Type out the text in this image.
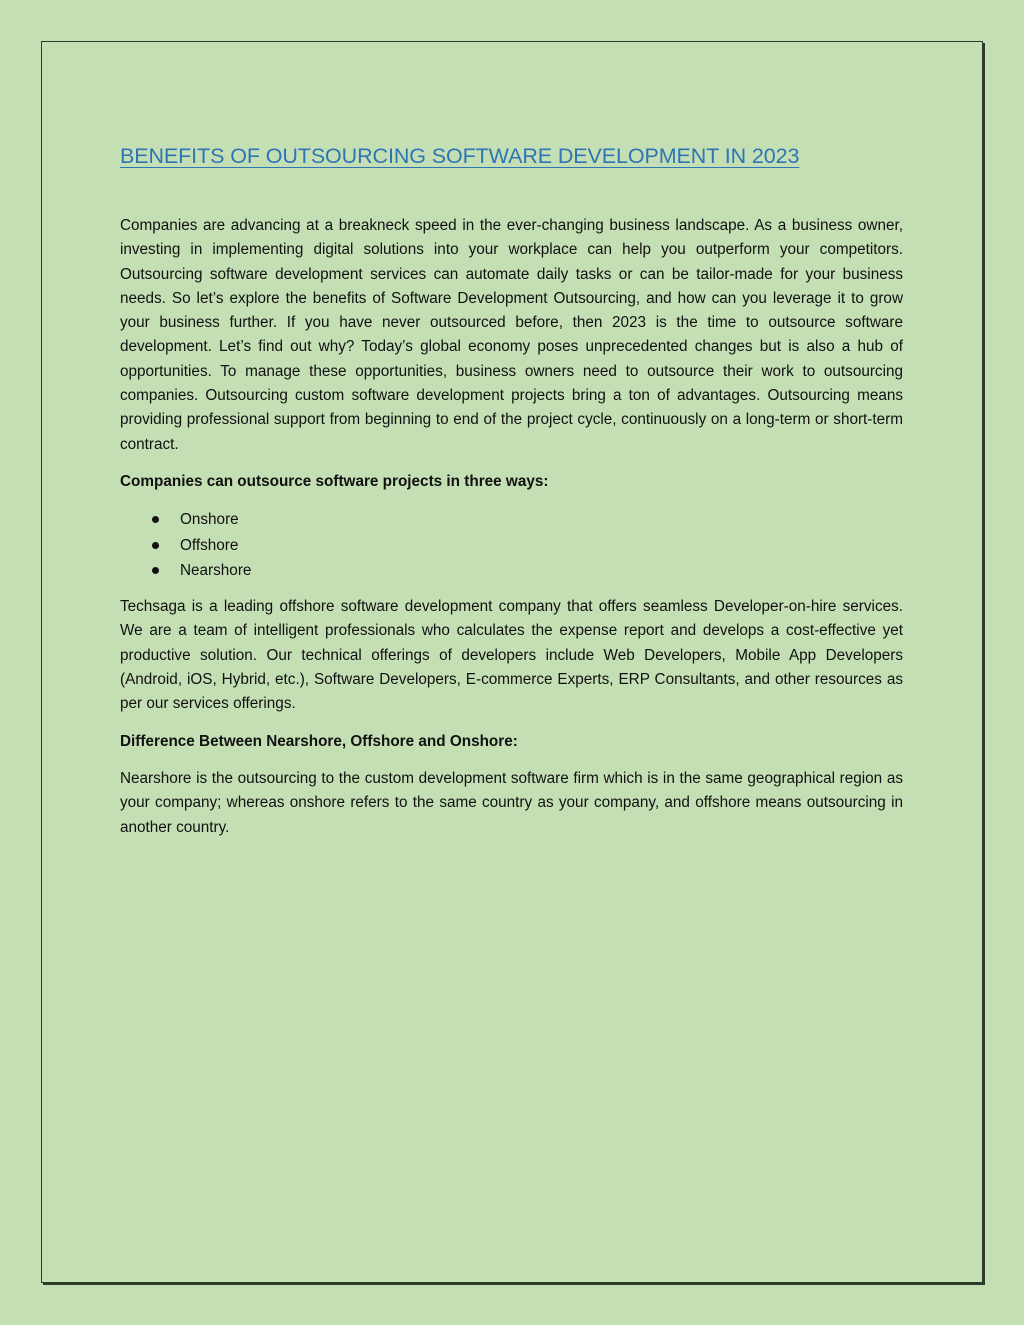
BENEFITS OF OUTSOURCING SOFTWARE DEVELOPMENT IN 2023

Companies are advancing at a breakneck speed in the ever-changing business landscape. As a business owner, investing in implementing digital solutions into your workplace can help you outperform your competitors. Outsourcing software development services can automate daily tasks or can be tailor-made for your business needs. So let’s explore the benefits of Software Development Outsourcing, and how can you leverage it to grow your business further. If you have never outsourced before, then 2023 is the time to outsource software development. Let’s find out why? Today’s global economy poses unprecedented changes but is also a hub of opportunities. To manage these opportunities, business owners need to outsource their work to outsourcing companies. Outsourcing custom software development projects bring a ton of advantages. Outsourcing means providing professional support from beginning to end of the project cycle, continuously on a long-term or short-term contract.

Companies can outsource software projects in three ways:

Onshore
Offshore
Nearshore

Techsaga is a leading offshore software development company that offers seamless Developer-on-hire services. We are a team of intelligent professionals who calculates the expense report and develops a cost-effective yet productive solution. Our technical offerings of developers include Web Developers, Mobile App Developers (Android, iOS, Hybrid, etc.), Software Developers, E-commerce Experts, ERP Consultants, and other resources as per our services offerings.

Difference Between Nearshore, Offshore and Onshore:

Nearshore is the outsourcing to the custom development software firm which is in the same geographical region as your company; whereas onshore refers to the same country as your company, and offshore means outsourcing in another country.
